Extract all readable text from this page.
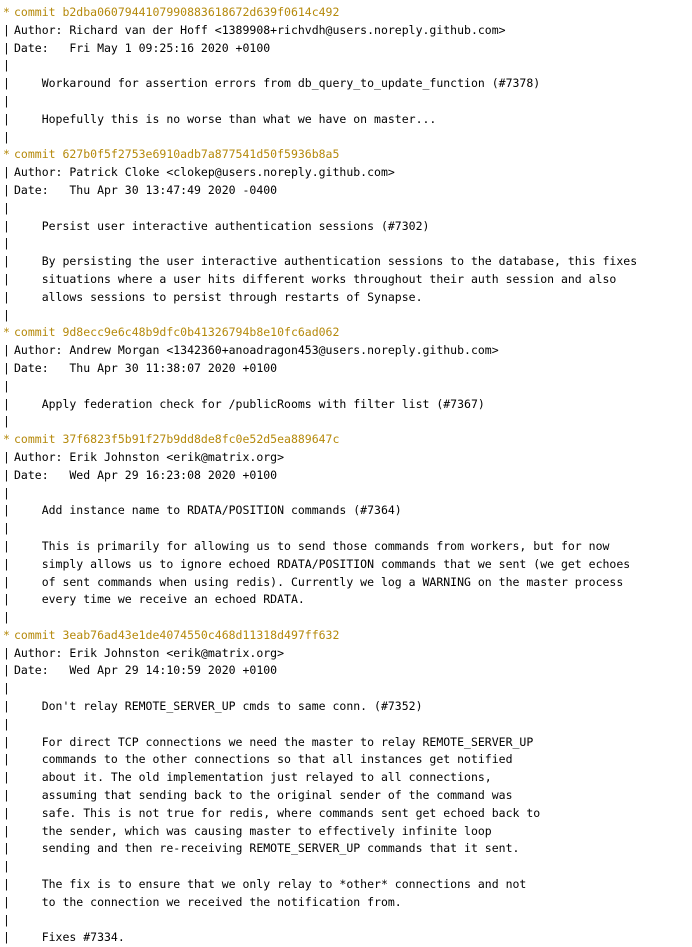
* commit b2dba0607944107990883618672d639f0614c492
| Author: Richard van der Hoff <1389908+richvdh@users.noreply.github.com>
| Date:   Fri May 1 09:25:16 2020 +0100
|
| Workaround for assertion errors from db_query_to_update_function (#7378)
|
| Hopefully this is no worse than what we have on master...
|
* commit 627b0f5f2753e6910adb7a877541d50f5936b8a5
| Author: Patrick Cloke <clokep@users.noreply.github.com>
| Date:   Thu Apr 30 13:47:49 2020 -0400
|
| Persist user interactive authentication sessions (#7302)
|
| By persisting the user interactive authentication sessions to the database, this fixes
| situations where a user hits different works throughout their auth session and also
| allows sessions to persist through restarts of Synapse.
|
* commit 9d8ecc9e6c48b9dfc0b41326794b8e10fc6ad062
| Author: Andrew Morgan <1342360+anoadragon453@users.noreply.github.com>
| Date:   Thu Apr 30 11:38:07 2020 +0100
|
| Apply federation check for /publicRooms with filter list (#7367)
|
* commit 37f6823f5b91f27b9dd8de8fc0e52d5ea889647c
| Author: Erik Johnston <erik@matrix.org>
| Date:   Wed Apr 29 16:23:08 2020 +0100
|
| Add instance name to RDATA/POSITION commands (#7364)
|
| This is primarily for allowing us to send those commands from workers, but for now
| simply allows us to ignore echoed RDATA/POSITION commands that we sent (we get echoes
| of sent commands when using redis). Currently we log a WARNING on the master process
| every time we receive an echoed RDATA.
|
* commit 3eab76ad43e1de4074550c468d11318d497ff632
| Author: Erik Johnston <erik@matrix.org>
| Date:   Wed Apr 29 14:10:59 2020 +0100
|
| Don't relay REMOTE_SERVER_UP cmds to same conn. (#7352)
|
| For direct TCP connections we need the master to relay REMOTE_SERVER_UP
| commands to the other connections so that all instances get notified
| about it. The old implementation just relayed to all connections,
| assuming that sending back to the original sender of the command was
| safe. This is not true for redis, where commands sent get echoed back to
| the sender, which was causing master to effectively infinite loop
| sending and then re-receiving REMOTE_SERVER_UP commands that it sent.
|
| The fix is to ensure that we only relay to *other* connections and not
| to the connection we received the notification from.
|
| Fixes #7334.
